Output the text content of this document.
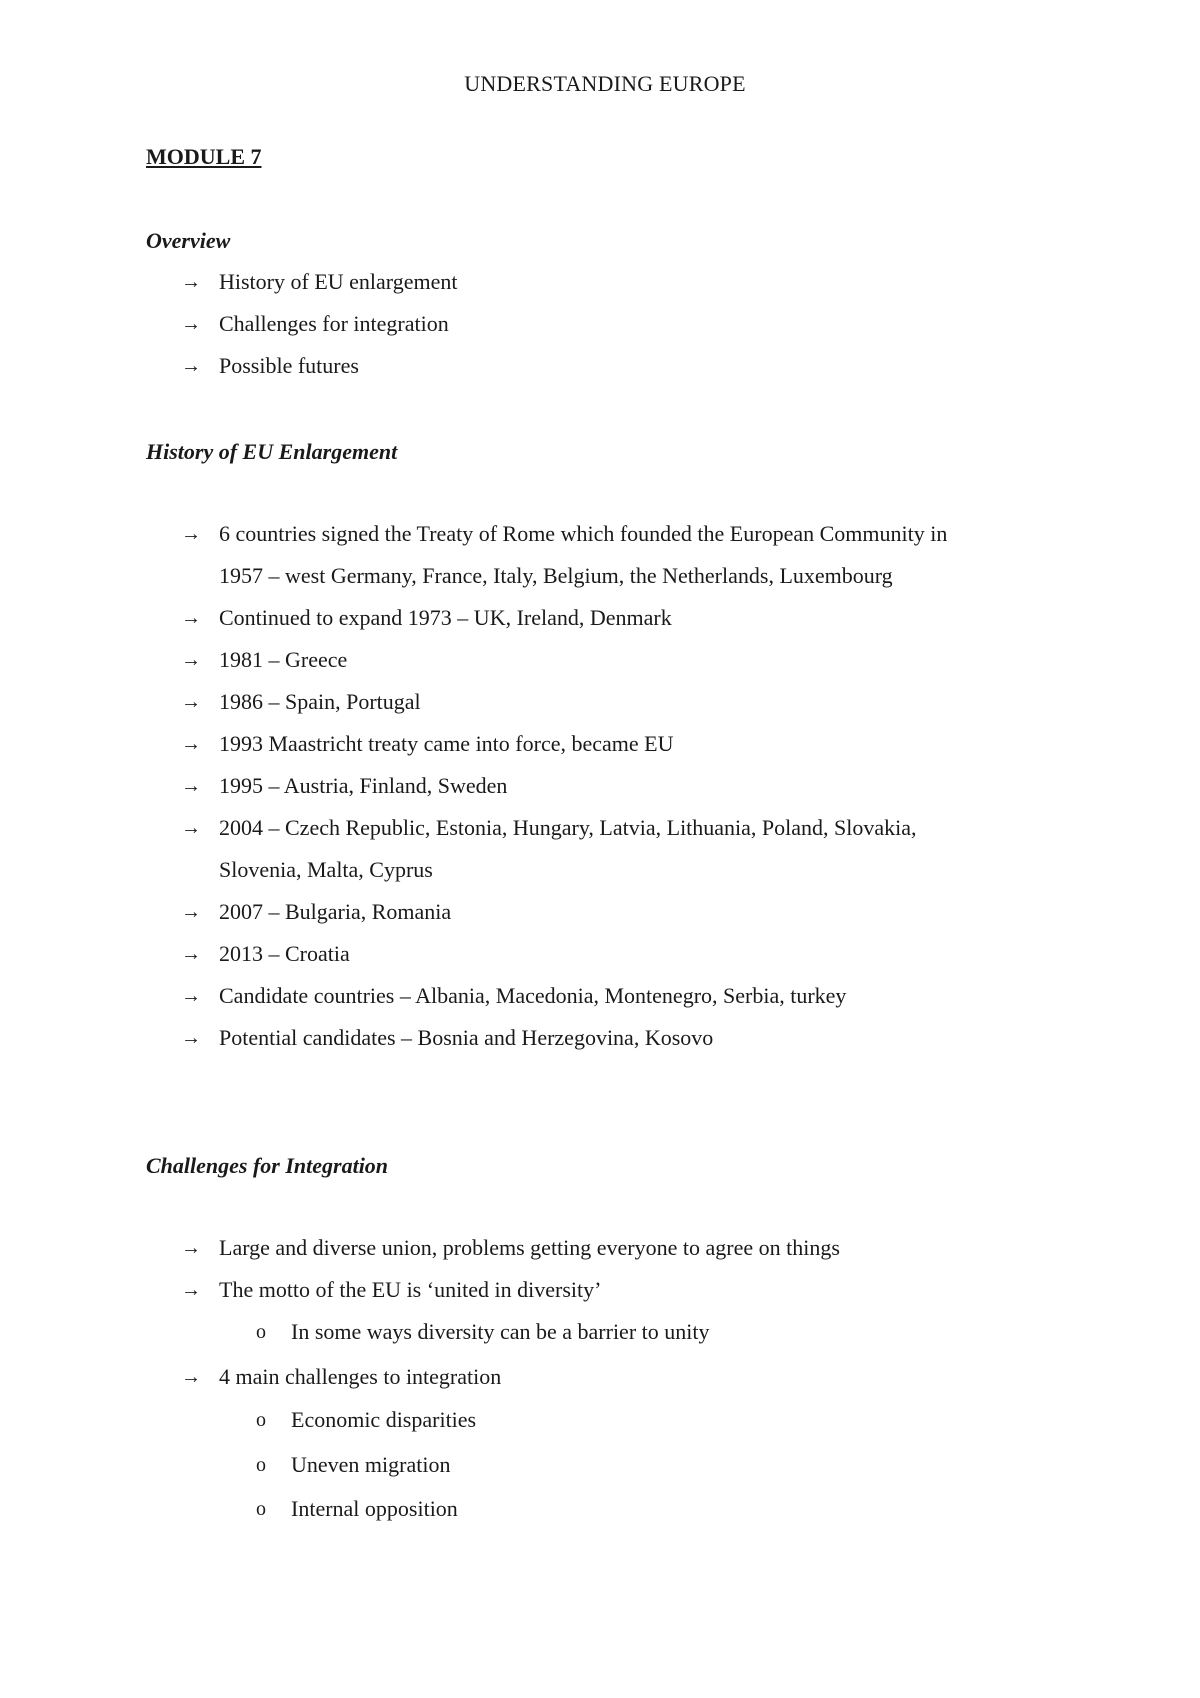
UNDERSTANDING EUROPE
MODULE 7
Overview
→ History of EU enlargement
→ Challenges for integration
→ Possible futures
History of EU Enlargement
→ 6 countries signed the Treaty of Rome which founded the European Community in
1957 – west Germany, France, Italy, Belgium, the Netherlands, Luxembourg
→ Continued to expand 1973 – UK, Ireland, Denmark
→ 1981 – Greece
→ 1986 – Spain, Portugal
→ 1993 Maastricht treaty came into force, became EU
→ 1995 – Austria, Finland, Sweden
→ 2004 – Czech Republic, Estonia, Hungary, Latvia, Lithuania, Poland, Slovakia,
Slovenia, Malta, Cyprus
→ 2007 – Bulgaria, Romania
→ 2013 – Croatia
→ Candidate countries – Albania, Macedonia, Montenegro, Serbia, turkey
→ Potential candidates – Bosnia and Herzegovina, Kosovo
Challenges for Integration
→ Large and diverse union, problems getting everyone to agree on things
→ The motto of the EU is ‘united in diversity’
o In some ways diversity can be a barrier to unity
→ 4 main challenges to integration
o Economic disparities
o Uneven migration
o Internal opposition
